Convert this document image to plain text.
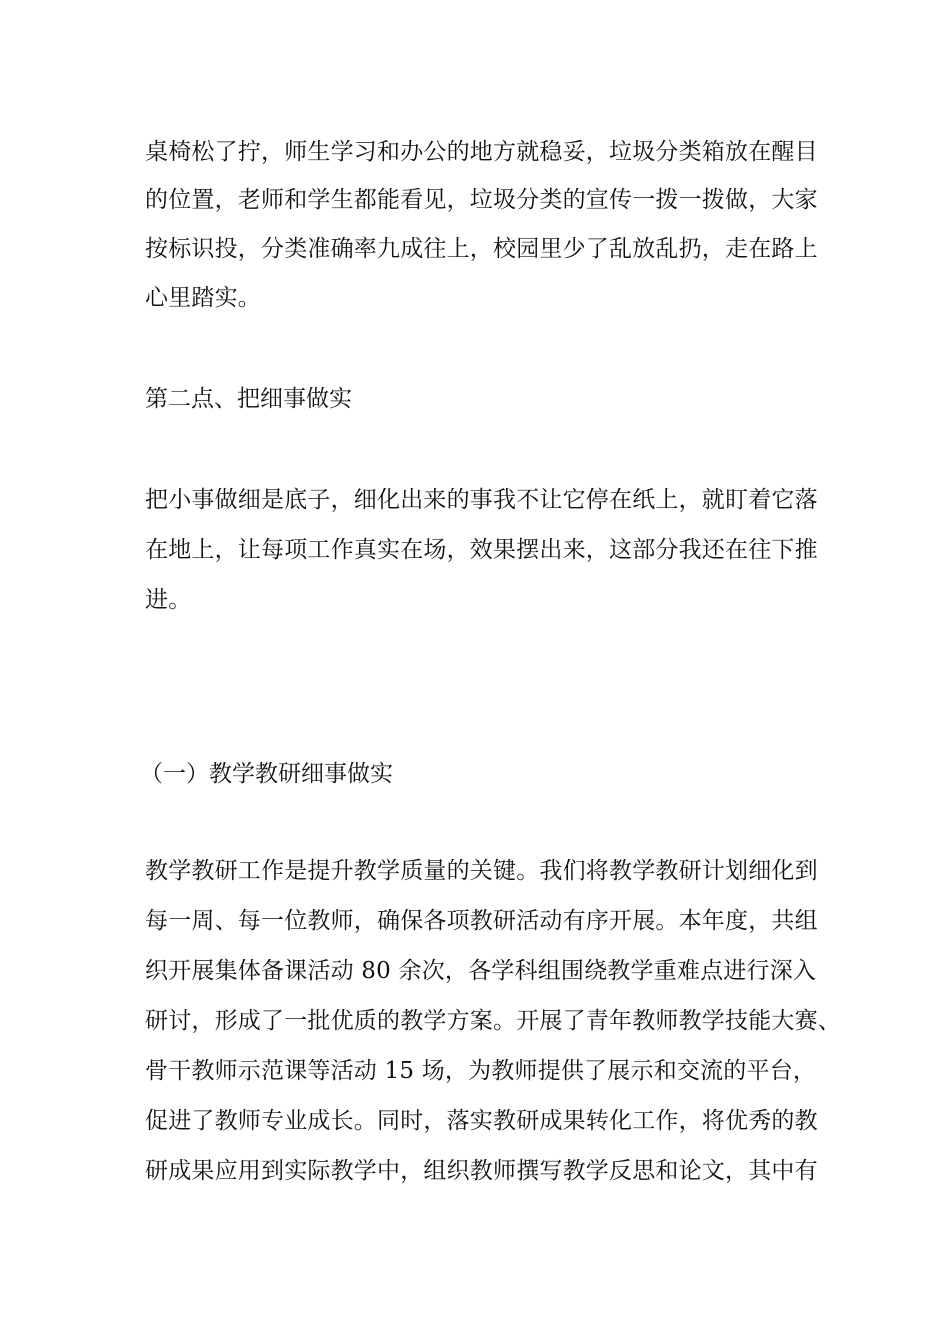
桌椅松了拧，师生学习和办公的地方就稳妥，垃圾分类箱放在醒目
的位置，老师和学生都能看见，垃圾分类的宣传一拨一拨做，大家
按标识投，分类准确率九成往上，校园里少了乱放乱扔，走在路上
心里踏实。
第二点、把细事做实
把小事做细是底子，细化出来的事我不让它停在纸上，就盯着它落
在地上，让每项工作真实在场，效果摆出来，这部分我还在往下推
进。
（一）教学教研细事做实
教学教研工作是提升教学质量的关键。我们将教学教研计划细化到
每一周、每一位教师，确保各项教研活动有序开展。本年度，共组
织开展集体备课活动 80 余次，各学科组围绕教学重难点进行深入
研讨，形成了一批优质的教学方案。开展了青年教师教学技能大赛、
骨干教师示范课等活动 15 场，为教师提供了展示和交流的平台，
促进了教师专业成长。同时，落实教研成果转化工作，将优秀的教
研成果应用到实际教学中，组织教师撰写教学反思和论文，其中有
